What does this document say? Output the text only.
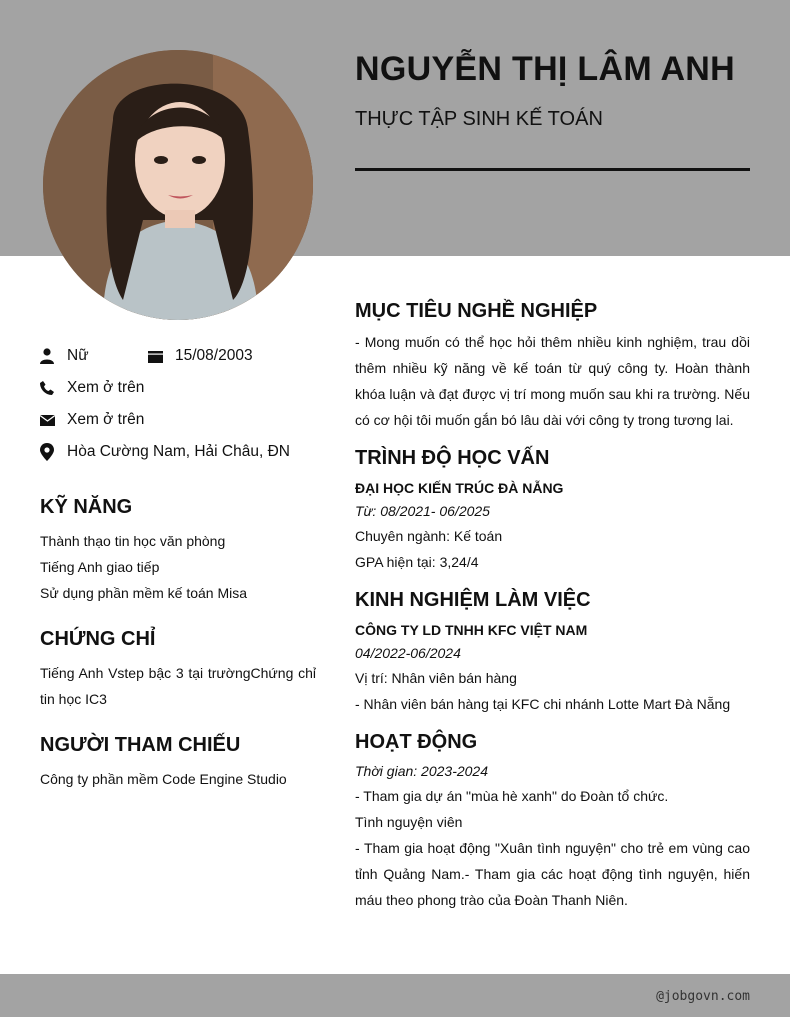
NGUYỄN THỊ LÂM ANH
THỰC TẬP SINH KẾ TOÁN
Nữ	15/08/2003
Xem ở trên
Xem ở trên
Hòa Cường Nam, Hải Châu, ĐN
KỸ NĂNG
Thành thạo tin học văn phòng
Tiếng Anh giao tiếp
Sử dụng phần mềm kế toán Misa
CHỨNG CHỈ

Tiếng Anh Vstep bậc 3 tại trườngChứng chỉ tin học IC3

NGƯỜI THAM CHIẾU

Công ty phần mềm Code Engine Studio

MỤC TIÊU NGHỀ NGHIỆP

- Mong muốn có thể học hỏi thêm nhiều kinh nghiệm, trau dồi thêm nhiều kỹ năng về kế toán từ quý công ty. Hoàn thành khóa luận và đạt được vị trí mong muốn sau khi ra trường. Nếu có cơ hội tôi muốn gắn bó lâu dài với công ty trong tương lai.

TRÌNH ĐỘ HỌC VẤN
ĐẠI HỌC KIẾN TRÚC ĐÀ NẴNG
Từ: 08/2021- 06/2025

Chuyên ngành: Kế toán

GPA hiện tại: 3,24/4

KINH NGHIỆM LÀM VIỆC
CÔNG TY LD TNHH KFC VIỆT NAM
04/2022-06/2024

Vị trí: Nhân viên bán hàng

- Nhân viên bán hàng tại KFC chi nhánh Lotte Mart Đà Nẵng

HOẠT ĐỘNG
Thời gian: 2023-2024

- Tham gia dự án "mùa hè xanh" do Đoàn tổ chức.

Tình nguyện viên

- Tham gia hoạt động "Xuân tình nguyện" cho trẻ em vùng cao tỉnh Quảng Nam.- Tham gia các hoạt động tình nguyện, hiến máu theo phong trào của Đoàn Thanh Niên.

@jobgovn.com
